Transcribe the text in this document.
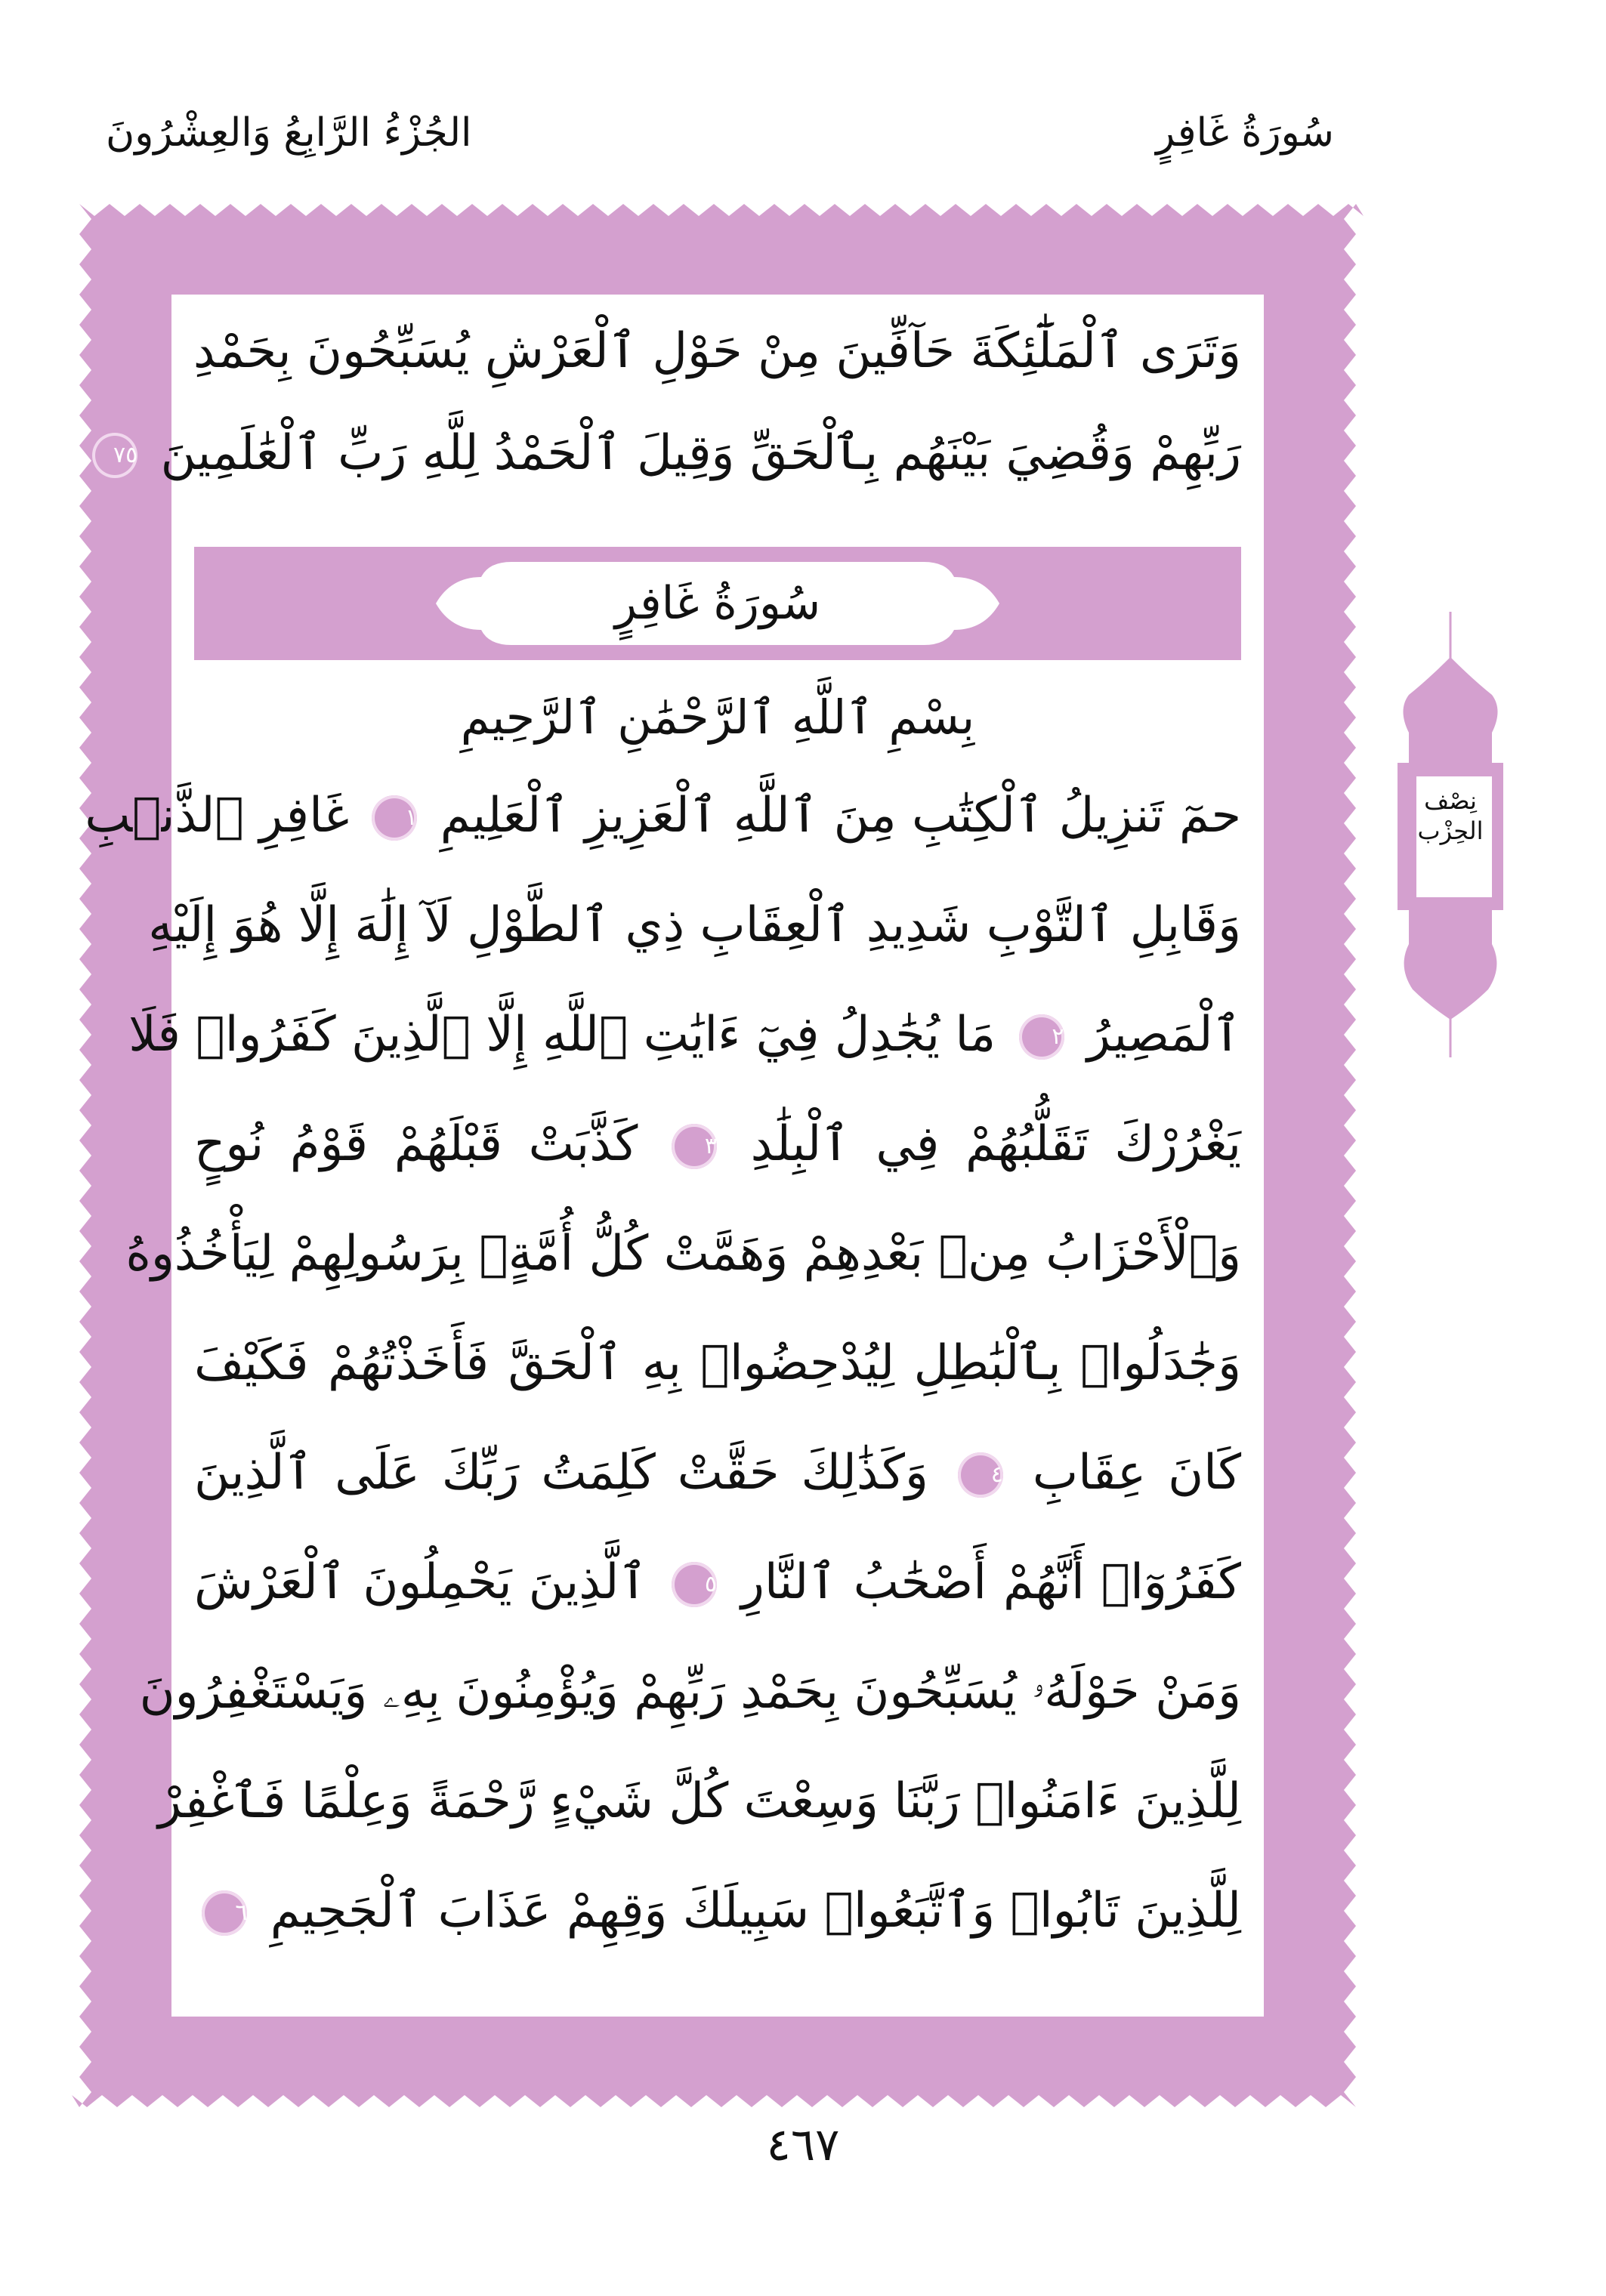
سُورَةُ غَافِرٍ
الجُزْءُ الرَّابِعُ وَالعِشْرُونَ
وَتَرَى ٱلْمَلَٰٓئِكَةَ حَآفِّينَ مِنْ حَوْلِ ٱلْعَرْشِ يُسَبِّحُونَ بِحَمْدِ
رَبِّهِمْ وَقُضِيَ بَيْنَهُم بِٱلْحَقِّ وَقِيلَ ٱلْحَمْدُ لِلَّهِ رَبِّ ٱلْعَٰلَمِينَ ٧٥
سُورَةُ غَافِرٍ
بِسْمِ ٱللَّهِ ٱلرَّحْمَٰنِ ٱلرَّحِيمِ
حمٓ تَنزِيلُ ٱلْكِتَٰبِ مِنَ ٱللَّهِ ٱلْعَزِيزِ ٱلْعَلِيمِ ١ غَافِرِ ٱلذَّنۢبِ
وَقَابِلِ ٱلتَّوْبِ شَدِيدِ ٱلْعِقَابِ ذِي ٱلطَّوْلِ لَآ إِلَٰهَ إِلَّا هُوَ إِلَيْهِ
ٱلْمَصِيرُ ٢ مَا يُجَٰدِلُ فِيٓ ءَايَٰتِ ٱللَّهِ إِلَّا ٱلَّذِينَ كَفَرُوا۟ فَلَا
يَغْرُرْكَ تَقَلُّبُهُمْ فِي ٱلْبِلَٰدِ ٣ كَذَّبَتْ قَبْلَهُمْ قَوْمُ نُوحٍ
وَٱلْأَحْزَابُ مِنۢ بَعْدِهِمْ وَهَمَّتْ كُلُّ أُمَّةٍۭ بِرَسُولِهِمْ لِيَأْخُذُوهُ
وَجَٰدَلُوا۟ بِٱلْبَٰطِلِ لِيُدْحِضُوا۟ بِهِ ٱلْحَقَّ فَأَخَذْتُهُمْ فَكَيْفَ
كَانَ عِقَابِ ٤ وَكَذَٰلِكَ حَقَّتْ كَلِمَتُ رَبِّكَ عَلَى ٱلَّذِينَ
كَفَرُوٓا۟ أَنَّهُمْ أَصْحَٰبُ ٱلنَّارِ ٥ ٱلَّذِينَ يَحْمِلُونَ ٱلْعَرْشَ
وَمَنْ حَوْلَهُۥ يُسَبِّحُونَ بِحَمْدِ رَبِّهِمْ وَيُؤْمِنُونَ بِهِۦ وَيَسْتَغْفِرُونَ
لِلَّذِينَ ءَامَنُوا۟ رَبَّنَا وَسِعْتَ كُلَّ شَيْءٍ رَّحْمَةً وَعِلْمًا فَٱغْفِرْ
لِلَّذِينَ تَابُوا۟ وَٱتَّبَعُوا۟ سَبِيلَكَ وَقِهِمْ عَذَابَ ٱلْجَحِيمِ ٦
نِصْف
الحِزْب
٤٦٧
